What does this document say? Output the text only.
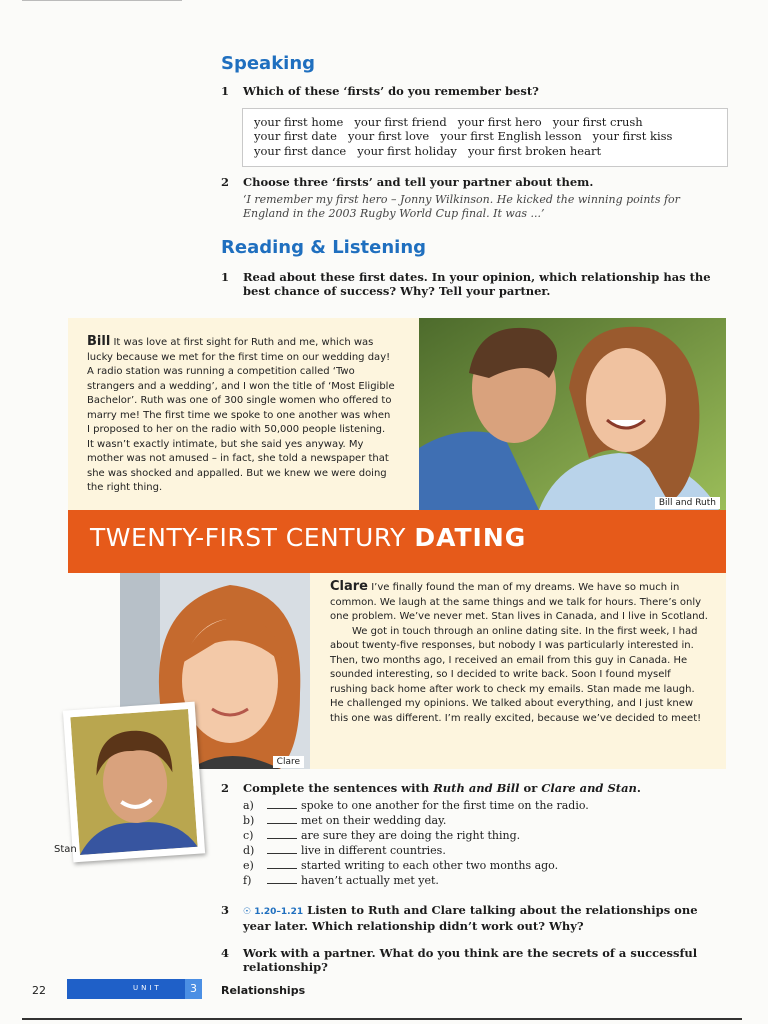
Speaking
1 Which of these ‘firsts’ do you remember best?
your first home your first friend your first hero your first crush
your first date your first love your first English lesson your first kiss
your first dance your first holiday your first broken heart
2 Choose three ‘firsts’ and tell your partner about them.
‘I remember my first hero – Jonny Wilkinson. He kicked the winning points for England in the 2003 Rugby World Cup final. It was ...’
Reading & Listening
1 Read about these first dates. In your opinion, which relationship has the best chance of success? Why? Tell your partner.
Bill It was love at first sight for Ruth and me, which was lucky because we met for the first time on our wedding day! A radio station was running a competition called ‘Two strangers and a wedding’, and I won the title of ‘Most Eligible Bachelor’. Ruth was one of 300 single women who offered to marry me! The first time we spoke to one another was when I proposed to her on the radio with 50,000 people listening. It wasn’t exactly intimate, but she said yes anyway. My mother was not amused – in fact, she told a newspaper that she was shocked and appalled. But we knew we were doing the right thing.
Bill and Ruth
TWENTY-FIRST CENTURY DATING
Clare
Clare I’ve finally found the man of my dreams. We have so much in common. We laugh at the same things and we talk for hours. There’s only one problem. We’ve never met. Stan lives in Canada, and I live in Scotland.
We got in touch through an online dating site. In the first week, I had about twenty-five responses, but nobody I was particularly interested in. Then, two months ago, I received an email from this guy in Canada. He sounded interesting, so I decided to write back. Soon I found myself rushing back home after work to check my emails. Stan made me laugh. He challenged my opinions. We talked about everything, and I just knew this one was different. I’m really excited, because we’ve decided to meet!
Stan
2 Complete the sentences with Ruth and Bill or Clare and Stan.
a)	spoke to one another for the first time on the radio.
b)	met on their wedding day.
c)	are sure they are doing the right thing.
d)	live in different countries.
e)	started writing to each other two months ago.
f)	haven’t actually met yet.
3 ☉ 1.20–1.21 Listen to Ruth and Clare talking about the relationships one year later. Which relationship didn’t work out? Why?
4 Work with a partner. What do you think are the secrets of a successful relationship?
22	UNIT	3	Relationships
